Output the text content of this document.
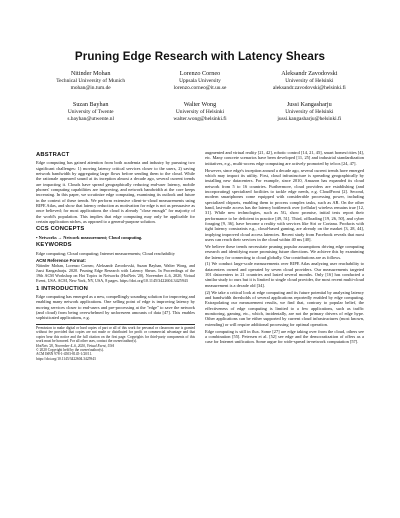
Pruning Edge Research with Latency Shears
Nitinder Mohan
Technical University of Munich
mohan@in.tum.de
Lorenzo Corneo
Uppsala University
lorenzo.corneo@it.uu.se
Aleksandr Zavodovski
University of Helsinki
aleksandr.zavodovski@helsinki.fi
Suzan Bayhan
University of Twente
s.bayhan@utwente.nl
Walter Wong
University of Helsinki
walter.wong@helsinki.fi
Jussi Kangasharju
University of Helsinki
jussi.kangasharju@helsinki.fi
ABSTRACT

Edge computing has gained attention from both academia and industry by pursuing two significant challenges: 1) moving latency critical services closer to the users, 2) saving network bandwidth by aggregating large flows before sending them to the cloud. While the rationale appeared sound at its inception almost a decade ago, several current trends are impacting it. Clouds have spread geographically reducing end-user latency, mobile phones' computing capabilities are improving, and network bandwidth at the core keeps increasing. In this paper, we scrutinize edge computing, examining its outlook and future in the context of these trends. We perform extensive client-to-cloud measurements using RIPE Atlas, and show that latency reduction as motivation for edge is not as persuasive as once believed; for most applications the cloud is already "close enough" for majority of the world's population. This implies that edge computing may only be applicable for certain application niches, as opposed to a general-purpose solution.

CCS CONCEPTS

• Networks → Network measurement; Cloud computing.

KEYWORDS

Edge computing; Cloud computing; Internet measurements; Cloud reachability

ACM Reference Format:
Nitinder Mohan, Lorenzo Corneo, Aleksandr Zavodovski, Suzan Bayhan, Walter Wong, and Jussi Kangasharju. 2020. Pruning Edge Research with Latency Shears. In Proceedings of the 19th ACM Workshop on Hot Topics in Networks (HotNets '20), November 4–6, 2020, Virtual Event, USA. ACM, New York, NY, USA, 8 pages. https://doi.org/10.1145/3422604.3425943
1 INTRODUCTION

Edge computing has emerged as a new, compellingly sounding solution for improving and enabling many network applications. One selling point of edge is improving latency by moving services closer to end-users and pre-processing at the "edge" to save the network (and cloud) from being overwhelmed by unforeseen amounts of data [47]. This enables sophisticated applications, e.g.

Permission to make digital or hard copies of part or all of this work for personal or classroom use is granted without fee provided that copies are not made or distributed for profit or commercial advantage and that copies bear this notice and the full citation on the first page. Copyrights for third-party components of this work must be honored. For all other uses, contact the owner/author(s).
HotNets '20, November 4–6, 2020, Virtual Event, USA
© 2020 Copyright held by the owner/author(s).
ACM ISBN 978-1-4503-8145-1/20/11.
https://doi.org/10.1145/3422604.3425943

augmented and virtual reality [21, 42], robotic control [14, 21, 45], smart homes/cities [4], etc. Many concrete scenarios have been developed [11, 25] and industrial standardization initiatives, e.g., multi-access edge computing are actively promoted by telcos [24, 47].

However, since edge's inception around a decade ago, several current trends have emerged which may impact its utility. First, cloud infrastructure is spreading geographically by installing new datacenters. For example, since 2010, Amazon has expanded its cloud network from 5 to 16 countries. Furthermore, cloud providers are establishing (and incorporating) specialized facilities to tackle edge needs, e.g. CloudFront [2]. Second, modern smartphones come equipped with considerable processing power, including specialized chipsets, enabling them to process complex tasks, such as AR. On the other hand, last-mile access has the latency bottleneck over (cellular) wireless remains true [12, 31]. While new technologies, such as 5G, show promise, initial tests report their performance to be deficient in practice [49, 51]. Third, offloading [19, 26, 50], and cyber foraging [9, 36], have become a reality with services like Siri or Cortana. Products with tight latency constraints e.g., cloud-based gaming, are already on the market [3, 28, 44], implying improved cloud access latencies. Recent study from Facebook reveals that most users can reach their services in the cloud within 40 ms [40].

We believe these trends necessitate pruning popular assumptions driving edge computing research and identifying more promising future directions. We achieve this by examining the latency for connecting to cloud globally. Our contributions are as follows.

(1) We conduct large-scale measurements over RIPE Atlas analyzing user reachability to datacenters owned and operated by seven cloud providers. Our measurements targeted 101 datacenters in 21 countries and lasted several months. Only [16] has conducted a similar study to ours but it is limited to single cloud provider, the most recent multi-cloud measurement is a decade old [34].

(2) We take a critical look at edge computing and its future potential by analyzing latency and bandwidth thresholds of several applications reportedly enabled by edge computing. Extrapolating our measurement results, we find that, contrary to popular belief, the effectiveness of edge computing is limited to a few applications, such as traffic monitoring, gaming, etc., which, incidentally, are not the primary drivers of edge hype. Other applications can be either supported by current cloud infrastructures (most known, extending) or will require additional processing for optimal operation.

Edge computing is still in flux. Some [27] are edge taking over from the cloud, others see a combination [55]. Petersen et al. [52] see edge and the democratization of offers as a case for Internet unification. Some argue for wide-spread in-network computation [57].
